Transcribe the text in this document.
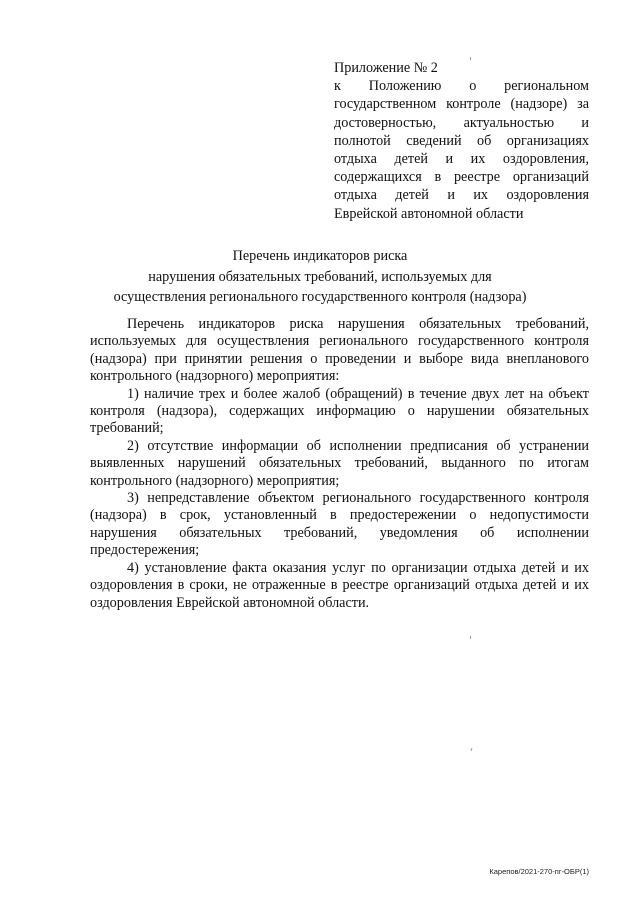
Приложение № 2
к Положению о региональном государственном контроле (надзоре) за достоверностью, актуальностью и полнотой сведений об организациях отдыха детей и их оздоровления, содержащихся в реестре организаций отдыха детей и их оздоровления Еврейской автономной области
Перечень индикаторов риска
нарушения обязательных требований, используемых для
осуществления регионального государственного контроля (надзора)

Перечень индикаторов риска нарушения обязательных требований, используемых для осуществления регионального государственного контроля (надзора) при принятии решения о проведении и выборе вида внепланового контрольного (надзорного) мероприятия:

1) наличие трех и более жалоб (обращений) в течение двух лет на объект контроля (надзора), содержащих информацию о нарушении обязательных требований;

2) отсутствие информации об исполнении предписания об устранении выявленных нарушений обязательных требований, выданного по итогам контрольного (надзорного) мероприятия;

3) непредставление объектом регионального государственного контроля (надзора) в срок, установленный в предостережении о недопустимости нарушения обязательных требований, уведомления об исполнении предостережения;

4) установление факта оказания услуг по организации отдыха детей и их оздоровления в сроки, не отраженные в реестре организаций отдыха детей и их оздоровления Еврейской автономной области.

Карепов/2021-270-пг-ОБР(1)
